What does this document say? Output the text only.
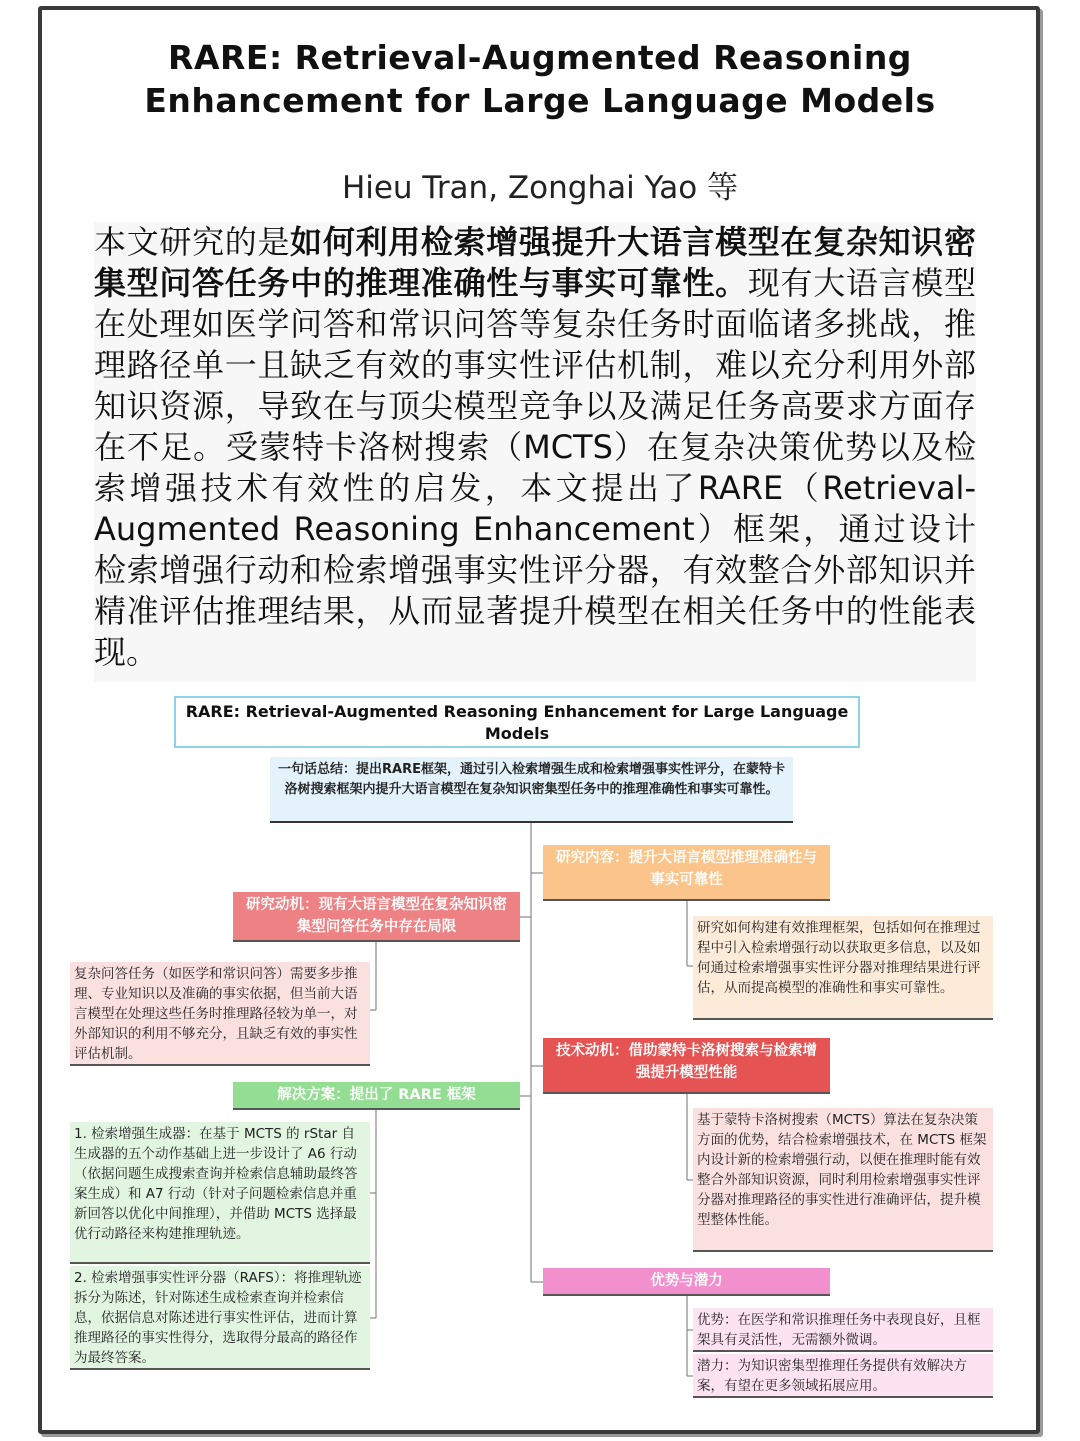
RARE: Retrieval-Augmented Reasoning Enhancement for Large Language Models
Hieu Tran, Zonghai Yao 等
本文研究的是如何利用检索增强提升大语言模型在复杂知识密集型问答任务中的推理准确性与事实可靠性。现有大语言模型在处理如医学问答和常识问答等复杂任务时面临诸多挑战，推理路径单一且缺乏有效的事实性评估机制，难以充分利用外部知识资源，导致在与顶尖模型竞争以及满足任务高要求方面存在不足。受蒙特卡洛树搜索（MCTS）在复杂决策优势以及检索增强技术有效性的启发，本文提出了RARE（Retrieval-Augmented Reasoning Enhancement）框架，通过设计检索增强行动和检索增强事实性评分器，有效整合外部知识并精准评估推理结果，从而显著提升模型在相关任务中的性能表现。
RARE: Retrieval-Augmented Reasoning Enhancement for Large Language Models
一句话总结：提出RARE框架，通过引入检索增强生成和检索增强事实性评分，在蒙特卡洛树搜索框架内提升大语言模型在复杂知识密集型任务中的推理准确性和事实可靠性。
研究内容：提升大语言模型推理准确性与事实可靠性
研究如何构建有效推理框架，包括如何在推理过程中引入检索增强行动以获取更多信息，以及如何通过检索增强事实性评分器对推理结果进行评估，从而提高模型的准确性和事实可靠性。
研究动机：现有大语言模型在复杂知识密集型问答任务中存在局限
复杂问答任务（如医学和常识问答）需要多步推理、专业知识以及准确的事实依据，但当前大语言模型在处理这些任务时推理路径较为单一，对外部知识的利用不够充分，且缺乏有效的事实性评估机制。	技术动机：借助蒙特卡洛树搜索与检索增强提升模型性能
基于蒙特卡洛树搜索（MCTS）算法在复杂决策方面的优势，结合检索增强技术，在 MCTS 框架内设计新的检索增强行动，以便在推理时能有效整合外部知识资源，同时利用检索增强事实性评分器对推理路径的事实性进行准确评估，提升模型整体性能。
解决方案：提出了 RARE 框架
1. 检索增强生成器：在基于 MCTS 的 rStar 自生成器的五个动作基础上进一步设计了 A6 行动（依据问题生成搜索查询并检索信息辅助最终答案生成）和 A7 行动（针对子问题检索信息并重新回答以优化中间推理），并借助 MCTS 选择最优行动路径来构建推理轨迹。
2. 检索增强事实性评分器（RAFS）：将推理轨迹拆分为陈述，针对陈述生成检索查询并检索信息，依据信息对陈述进行事实性评估，进而计算推理路径的事实性得分，选取得分最高的路径作为最终答案。
优势与潜力
优势：在医学和常识推理任务中表现良好，且框架具有灵活性，无需额外微调。
潜力：为知识密集型推理任务提供有效解决方案，有望在更多领域拓展应用。
